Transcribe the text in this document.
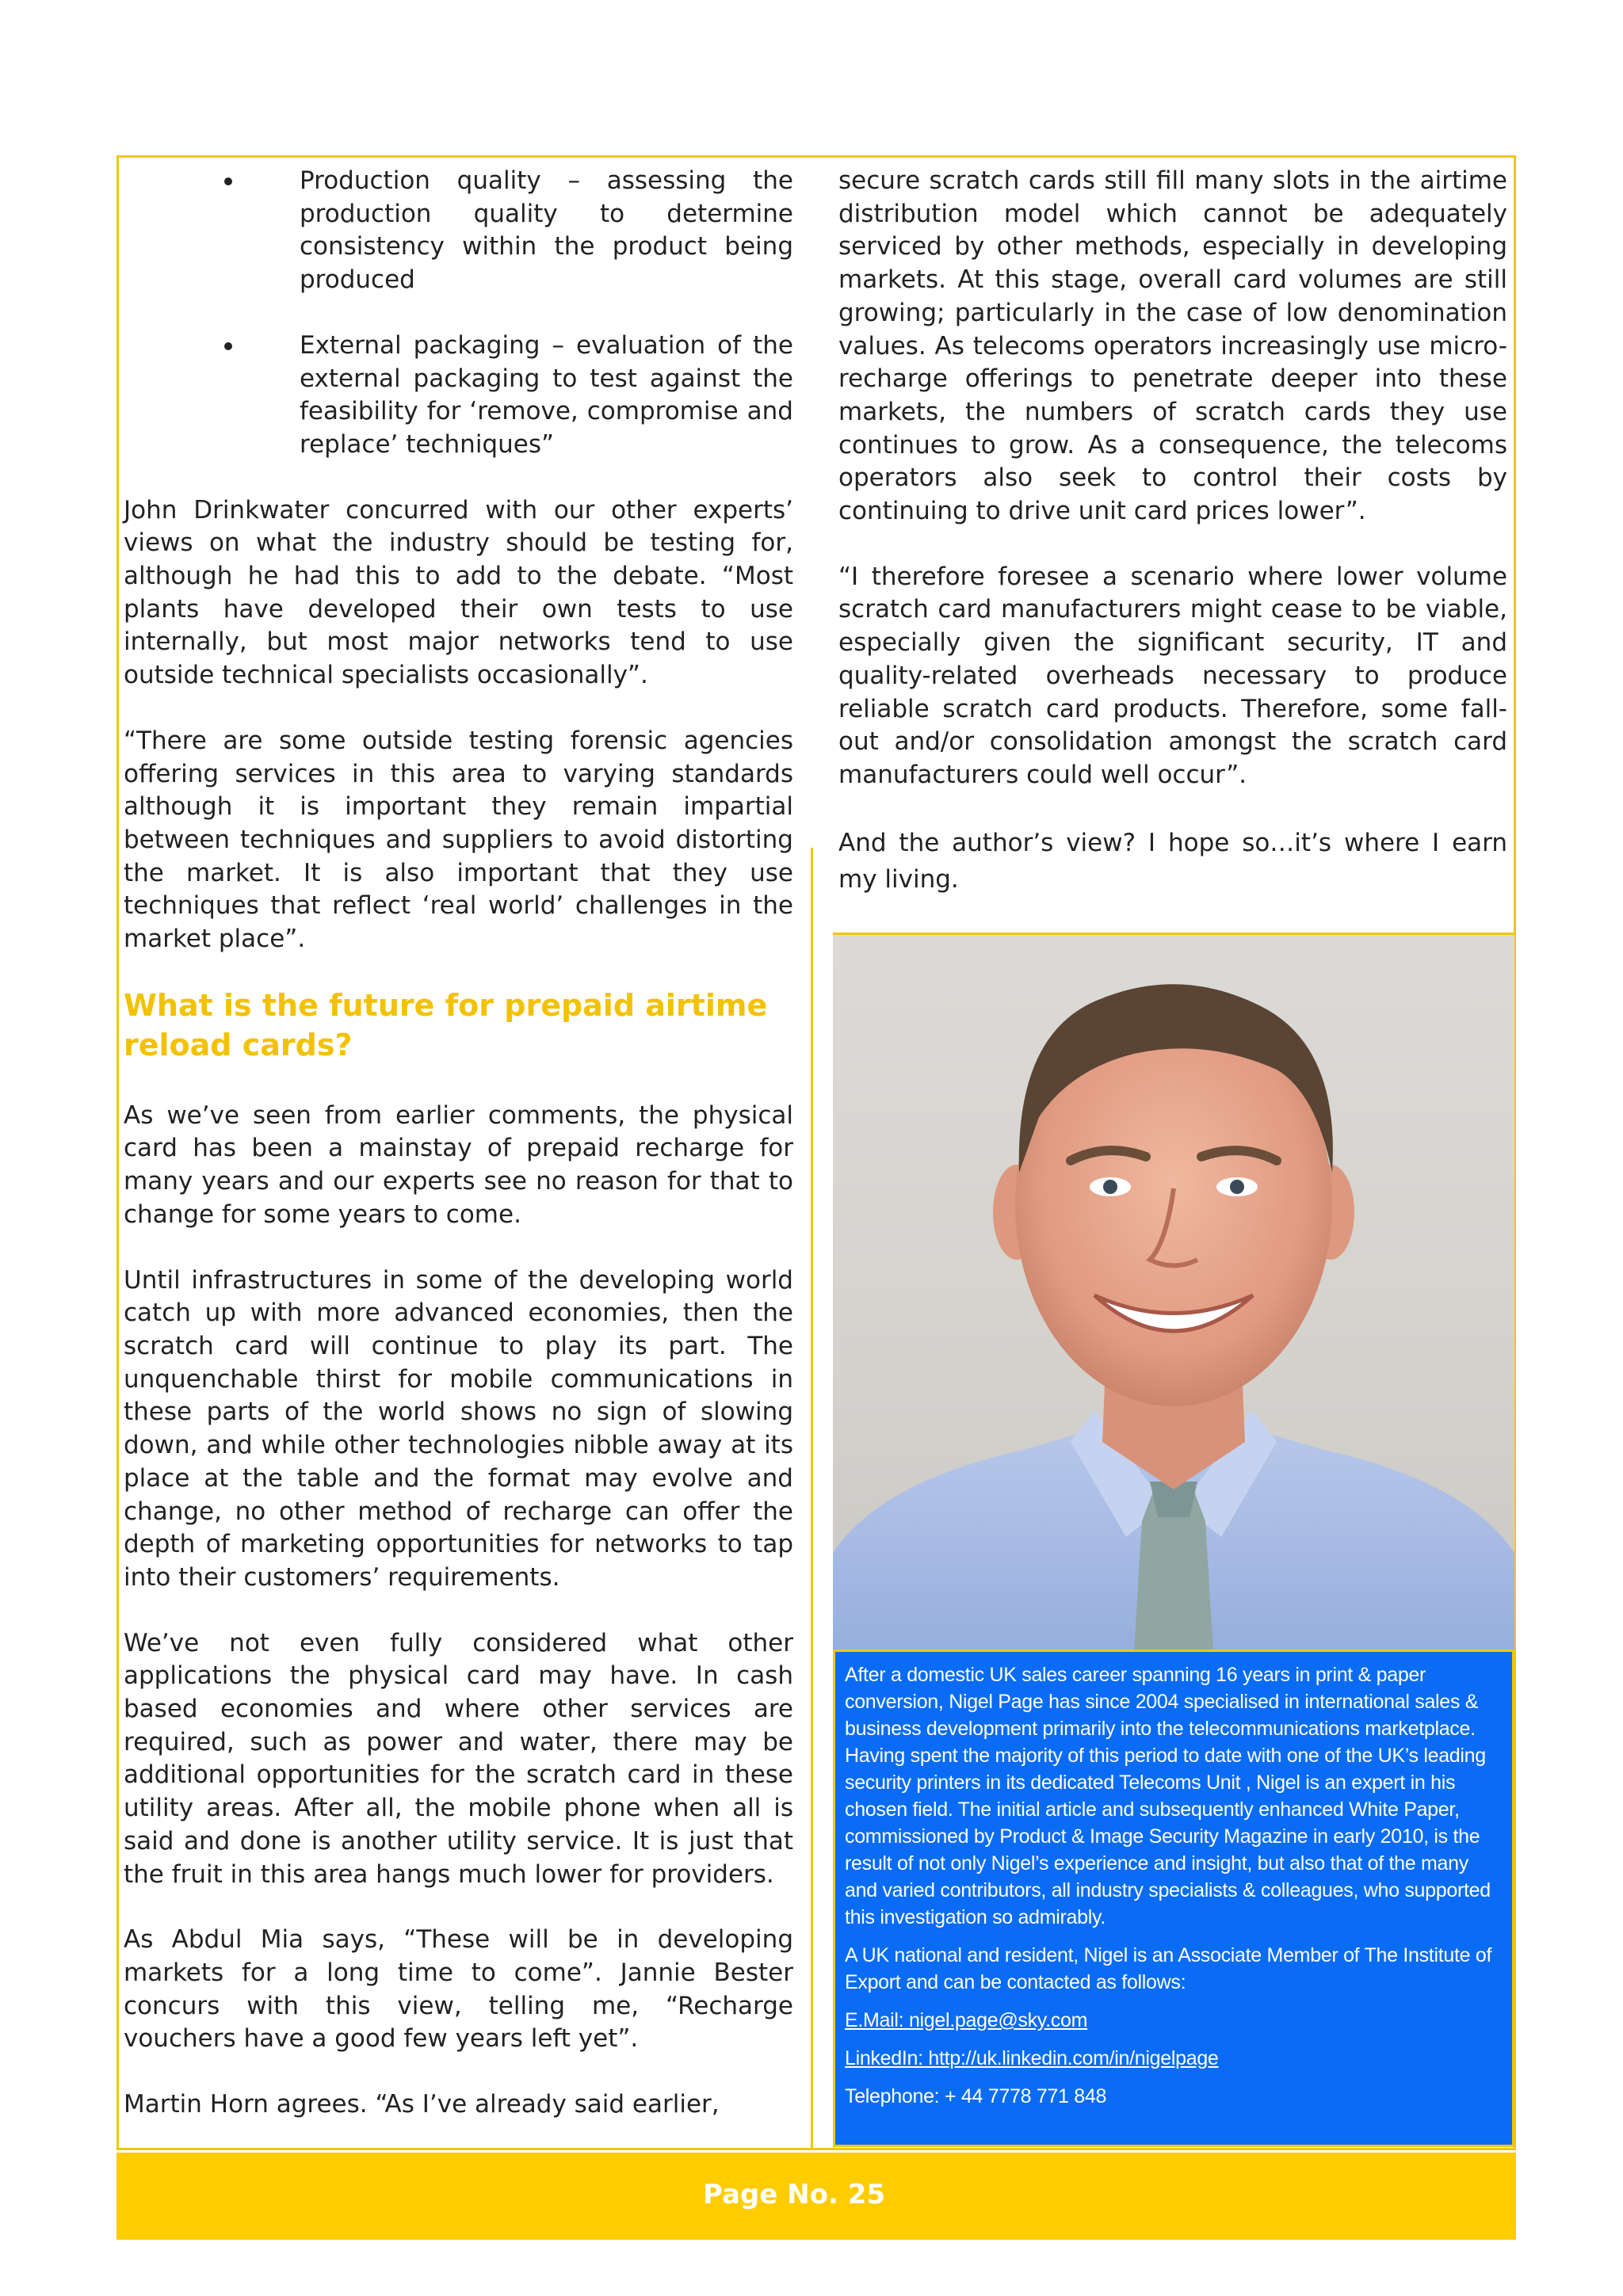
Production quality – assessing the production quality to determine consistency within the product being produced
External packaging – evaluation of the external packaging to test against the feasibility for ‘remove, compromise and replace’ techniques”

John Drinkwater concurred with our other experts’ views on what the industry should be testing for, although he had this to add to the debate. “Most plants have developed their own tests to use internally, but most major networks tend to use outside technical specialists occasionally”.

“There are some outside testing forensic agencies offering services in this area to varying standards although it is important they remain impartial between techniques and suppliers to avoid distorting the market. It is also important that they use techniques that reflect ‘real world’ challenges in the market place”.

What is the future for prepaid airtime reload cards?

As we’ve seen from earlier comments, the physical card has been a mainstay of prepaid recharge for many years and our experts see no reason for that to change for some years to come.

Until infrastructures in some of the developing world catch up with more advanced economies, then the scratch card will continue to play its part. The unquenchable thirst for mobile communications in these parts of the world shows no sign of slowing down, and while other technologies nibble away at its place at the table and the format may evolve and change, no other method of recharge can offer the depth of marketing opportunities for networks to tap into their customers’ requirements.

We’ve not even fully considered what other applications the physical card may have. In cash based economies and where other services are required, such as power and water, there may be additional opportunities for the scratch card in these utility areas. After all, the mobile phone when all is said and done is another utility service. It is just that the fruit in this area hangs much lower for providers.

As Abdul Mia says, “These will be in developing markets for a long time to come”. Jannie Bester concurs with this view, telling me, “Recharge vouchers have a good few years left yet”.

Martin Horn agrees. “As I’ve already said earlier,

secure scratch cards still fill many slots in the airtime distribution model which cannot be adequately serviced by other methods, especially in developing markets. At this stage, overall card volumes are still growing; particularly in the case of low denomination values. As telecoms operators increasingly use micro-recharge offerings to penetrate deeper into these markets, the numbers of scratch cards they use continues to grow. As a consequence, the telecoms operators also seek to control their costs by continuing to drive unit card prices lower”.

“I therefore foresee a scenario where lower volume scratch card manufacturers might cease to be viable, especially given the significant security, IT and quality-related overheads necessary to produce reliable scratch card products. Therefore, some fall-out and/or consolidation amongst the scratch card manufacturers could well occur”.

And the author’s view? I hope so…it’s where I earn my living.

After a domestic UK sales career spanning 16 years in print & paper conversion, Nigel Page has since 2004 specialised in international sales & business development primarily into the telecommunications marketplace. Having spent the majority of this period to date with one of the UK’s leading security printers in its dedicated Telecoms Unit , Nigel is an expert in his chosen field. The initial article and subsequently enhanced White Paper, commissioned by Product & Image Security Magazine in early 2010, is the result of not only Nigel’s experience and insight, but also that of the many and varied contributors, all industry specialists & colleagues, who supported this investigation so admirably.

A UK national and resident, Nigel is an Associate Member of The Institute of Export and can be contacted as follows:

E.Mail: nigel.page@sky.com

LinkedIn: http://uk.linkedin.com/in/nigelpage

Telephone: + 44 7778 771 848

Page No. 25
